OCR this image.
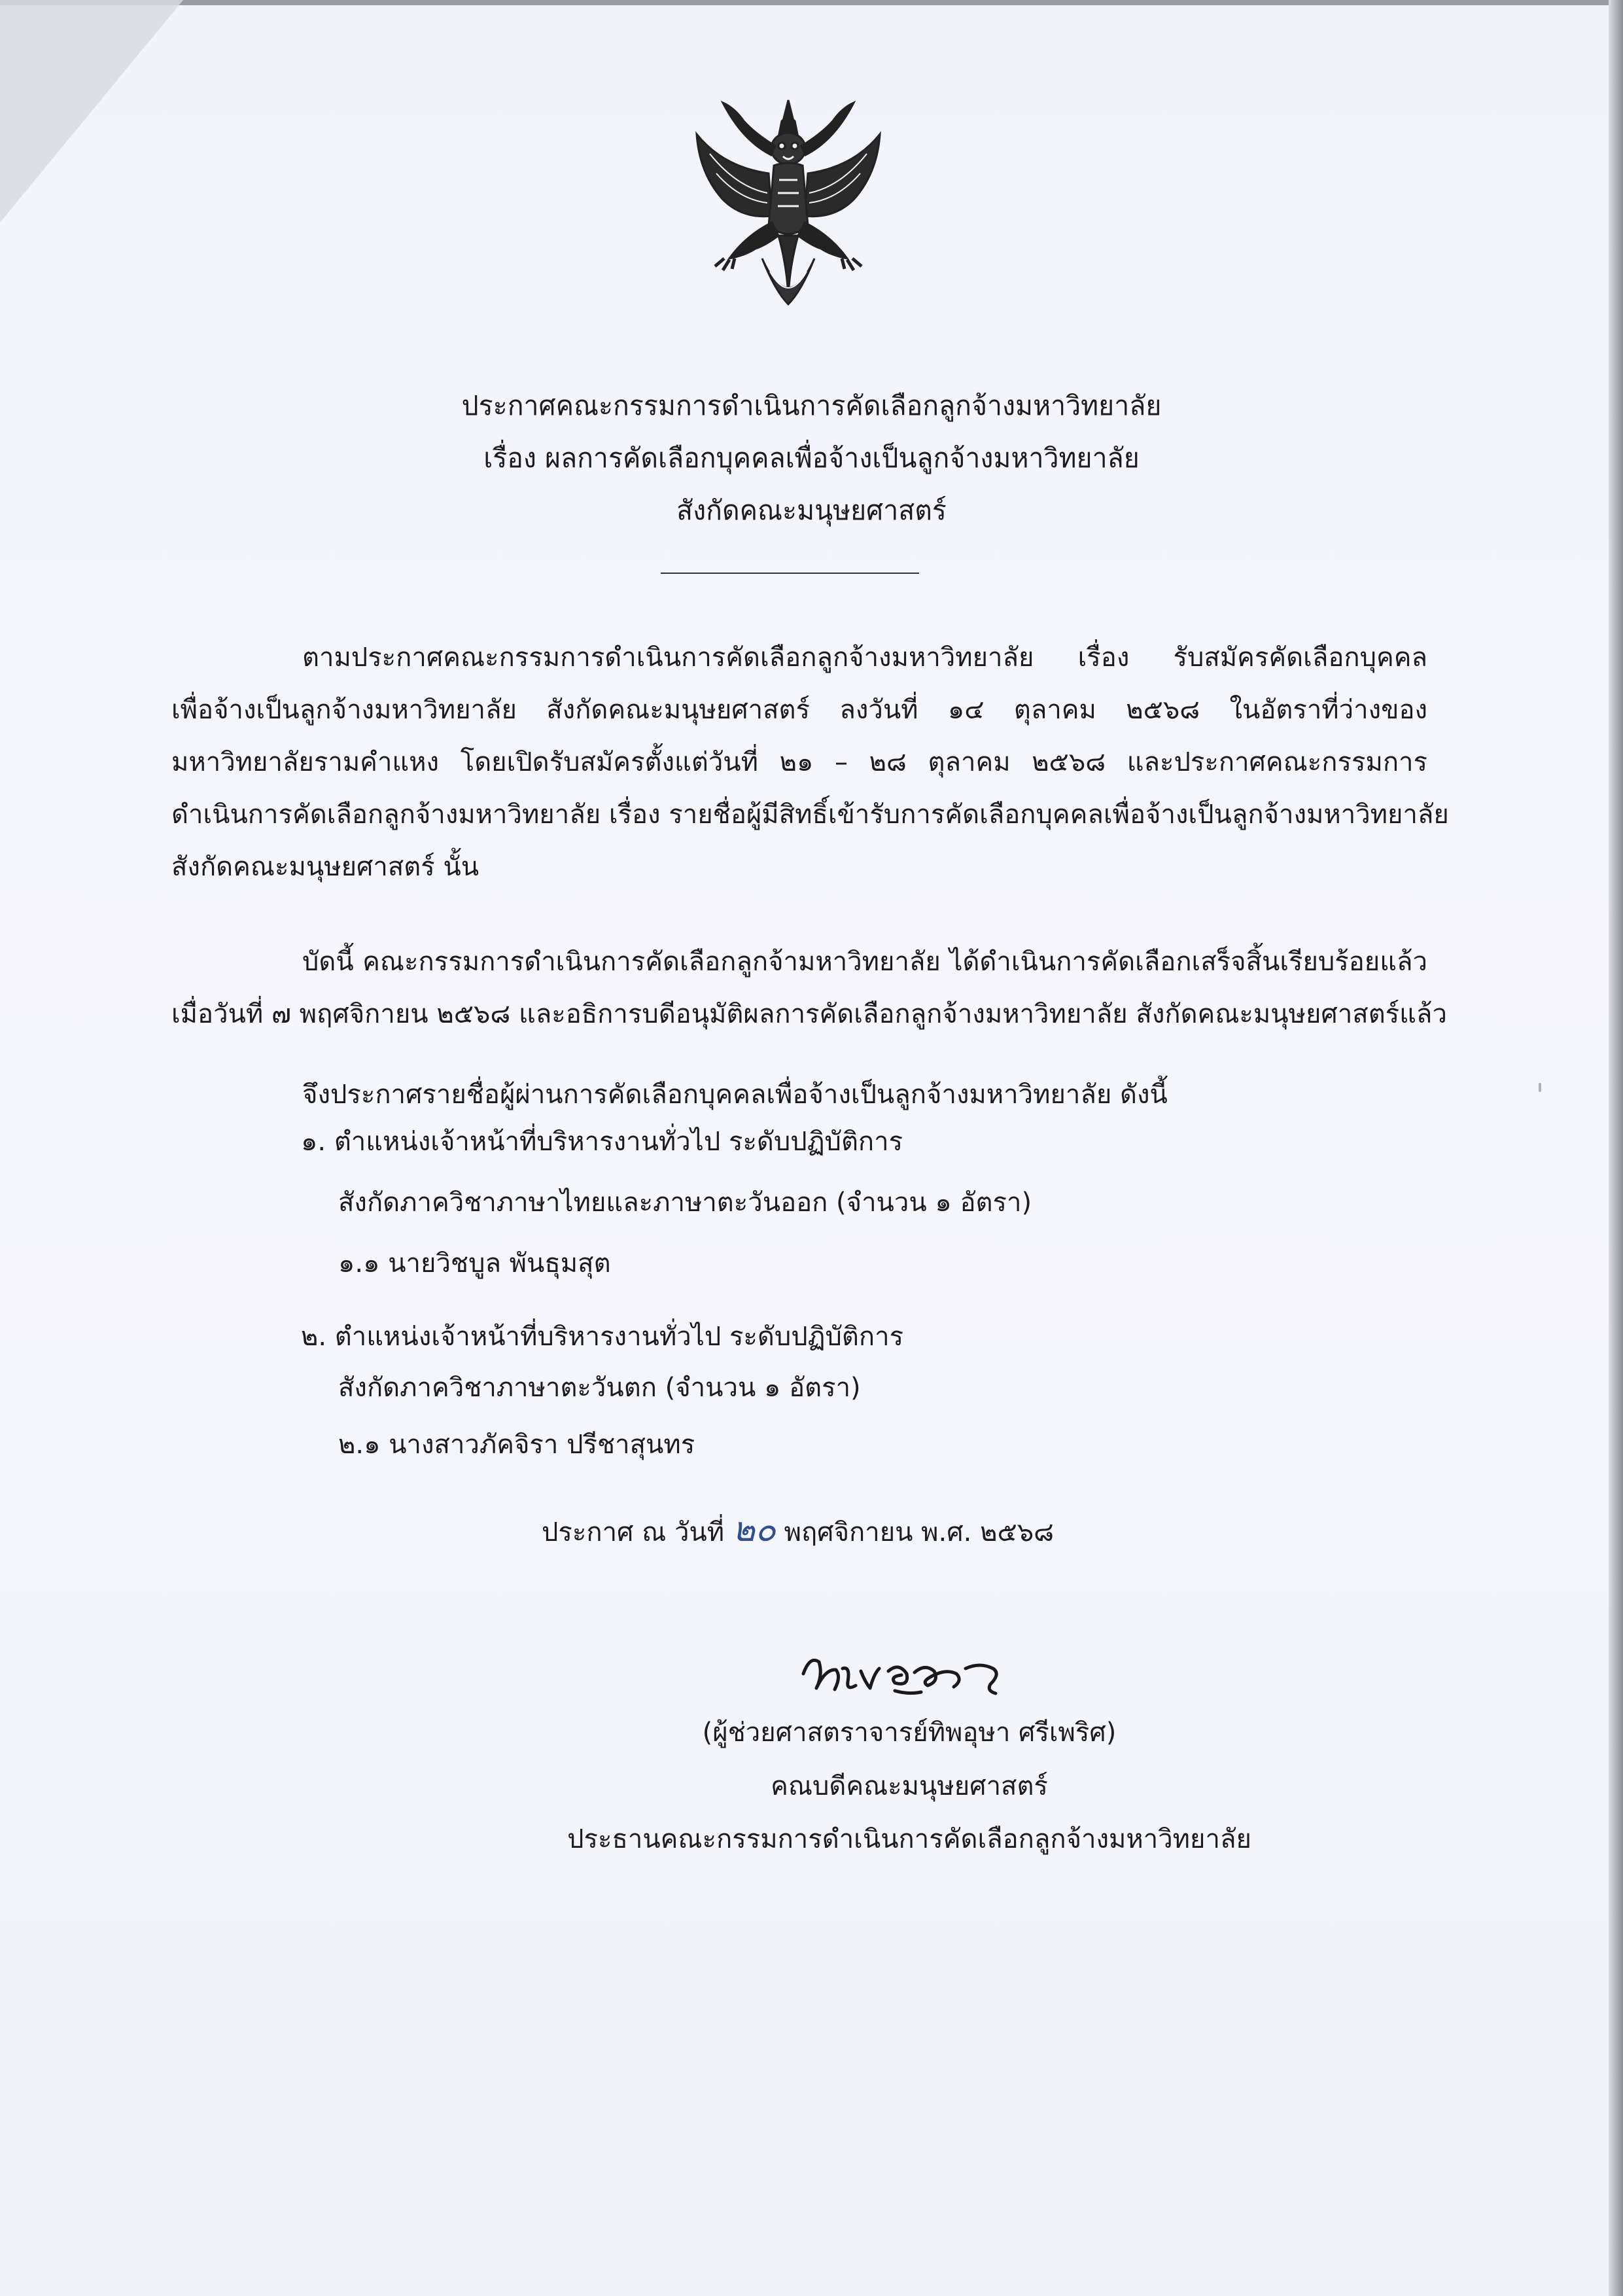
ประกาศคณะกรรมการดำเนินการคัดเลือกลูกจ้างมหาวิทยาลัย
เรื่อง ผลการคัดเลือกบุคคลเพื่อจ้างเป็นลูกจ้างมหาวิทยาลัย
สังกัดคณะมนุษยศาสตร์
ตามประกาศคณะกรรมการดำเนินการคัดเลือกลูกจ้างมหาวิทยาลัย เรื่อง รับสมัครคัดเลือกบุคคล
เพื่อจ้างเป็นลูกจ้างมหาวิทยาลัย สังกัดคณะมนุษยศาสตร์ ลงวันที่ ๑๔ ตุลาคม ๒๕๖๘ ในอัตราที่ว่างของ
มหาวิทยาลัยรามคำแหง โดยเปิดรับสมัครตั้งแต่วันที่ ๒๑ – ๒๘ ตุลาคม ๒๕๖๘ และประกาศคณะกรรมการ
ดำเนินการคัดเลือกลูกจ้างมหาวิทยาลัย เรื่อง รายชื่อผู้มีสิทธิ์เข้ารับการคัดเลือกบุคคลเพื่อจ้างเป็นลูกจ้างมหาวิทยาลัย
สังกัดคณะมนุษยศาสตร์ นั้น
บัดนี้ คณะกรรมการดำเนินการคัดเลือกลูกจ้ามหาวิทยาลัย ได้ดำเนินการคัดเลือกเสร็จสิ้นเรียบร้อยแล้ว
เมื่อวันที่ ๗ พฤศจิกายน ๒๕๖๘ และอธิการบดีอนุมัติผลการคัดเลือกลูกจ้างมหาวิทยาลัย สังกัดคณะมนุษยศาสตร์แล้ว
จึงประกาศรายชื่อผู้ผ่านการคัดเลือกบุคคลเพื่อจ้างเป็นลูกจ้างมหาวิทยาลัย ดังนี้
๑. ตำแหน่งเจ้าหน้าที่บริหารงานทั่วไป ระดับปฏิบัติการ
สังกัดภาควิชาภาษาไทยและภาษาตะวันออก (จำนวน ๑ อัตรา)
๑.๑ นายวิชบูล พันธุมสุต
๒. ตำแหน่งเจ้าหน้าที่บริหารงานทั่วไป ระดับปฏิบัติการ
สังกัดภาควิชาภาษาตะวันตก (จำนวน ๑ อัตรา)
๒.๑ นางสาวภัคจิรา ปรีชาสุนทร
ประกาศ ณ วันที่ ๒๐ พฤศจิกายน พ.ศ. ๒๕๖๘
(ผู้ช่วยศาสตราจารย์ทิพอุษา ศรีเพริศ)
คณบดีคณะมนุษยศาสตร์
ประธานคณะกรรมการดำเนินการคัดเลือกลูกจ้างมหาวิทยาลัย
